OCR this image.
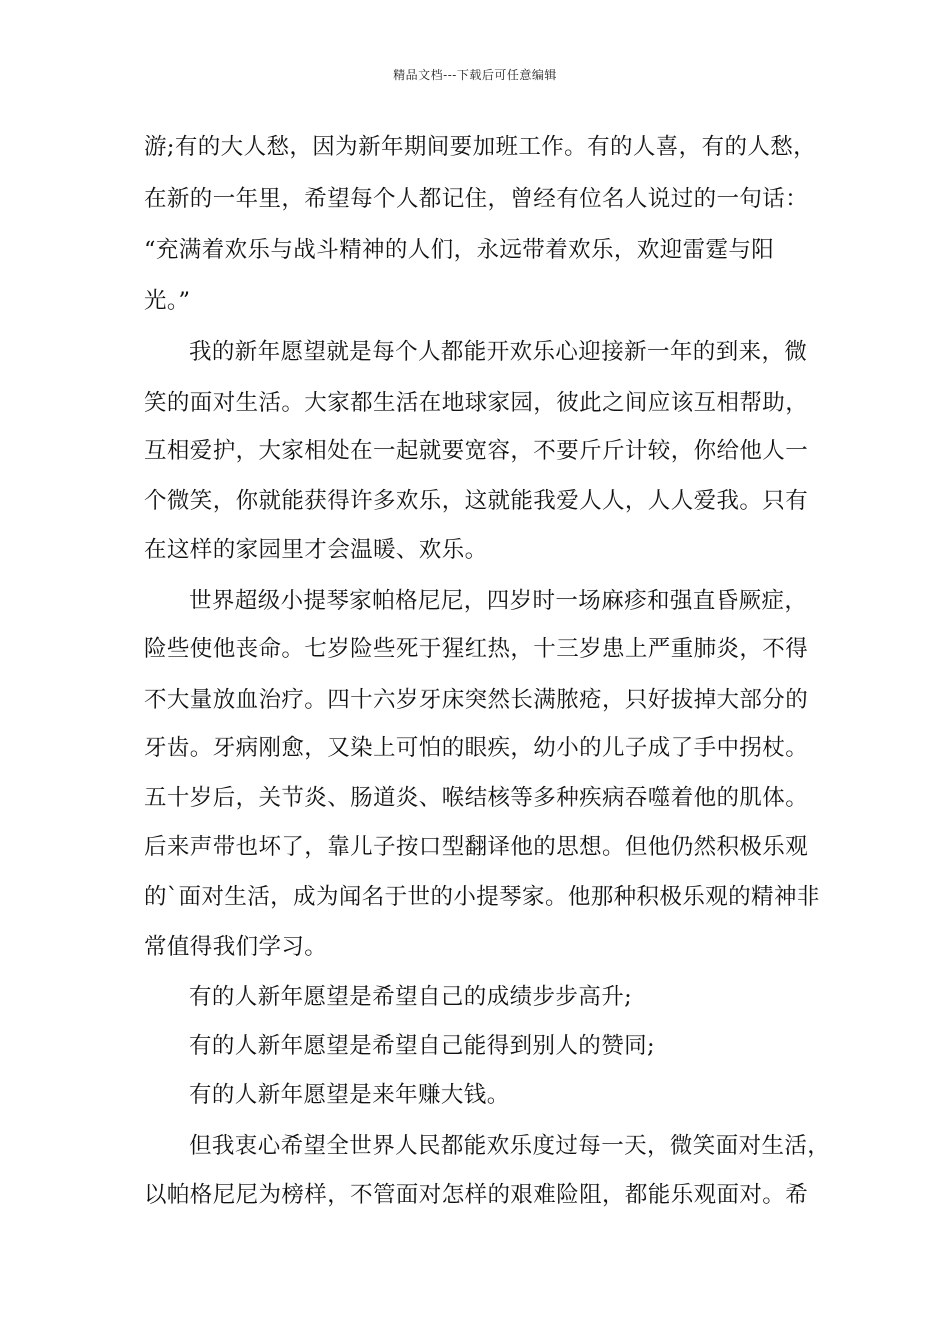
精品文档---下载后可任意编辑
游;有的大人愁，因为新年期间要加班工作。有的人喜，有的人愁，
在新的一年里，希望每个人都记住，曾经有位名人说过的一句话：
“充满着欢乐与战斗精神的人们，永远带着欢乐，欢迎雷霆与阳
光。”
我的新年愿望就是每个人都能开欢乐心迎接新一年的到来，微
笑的面对生活。大家都生活在地球家园，彼此之间应该互相帮助，
互相爱护，大家相处在一起就要宽容，不要斤斤计较，你给他人一
个微笑，你就能获得许多欢乐，这就能我爱人人，人人爱我。只有
在这样的家园里才会温暖、欢乐。
世界超级小提琴家帕格尼尼，四岁时一场麻疹和强直昏厥症，
险些使他丧命。七岁险些死于猩红热，十三岁患上严重肺炎，不得
不大量放血治疗。四十六岁牙床突然长满脓疮，只好拔掉大部分的
牙齿。牙病刚愈，又染上可怕的眼疾，幼小的儿子成了手中拐杖。
五十岁后，关节炎、肠道炎、喉结核等多种疾病吞噬着他的肌体。
后来声带也坏了，靠儿子按口型翻译他的思想。但他仍然积极乐观
的`面对生活，成为闻名于世的小提琴家。他那种积极乐观的精神非
常值得我们学习。
有的人新年愿望是希望自己的成绩步步高升;
有的人新年愿望是希望自己能得到别人的赞同;
有的人新年愿望是来年赚大钱。
但我衷心希望全世界人民都能欢乐度过每一天，微笑面对生活，
以帕格尼尼为榜样，不管面对怎样的艰难险阻，都能乐观面对。希
